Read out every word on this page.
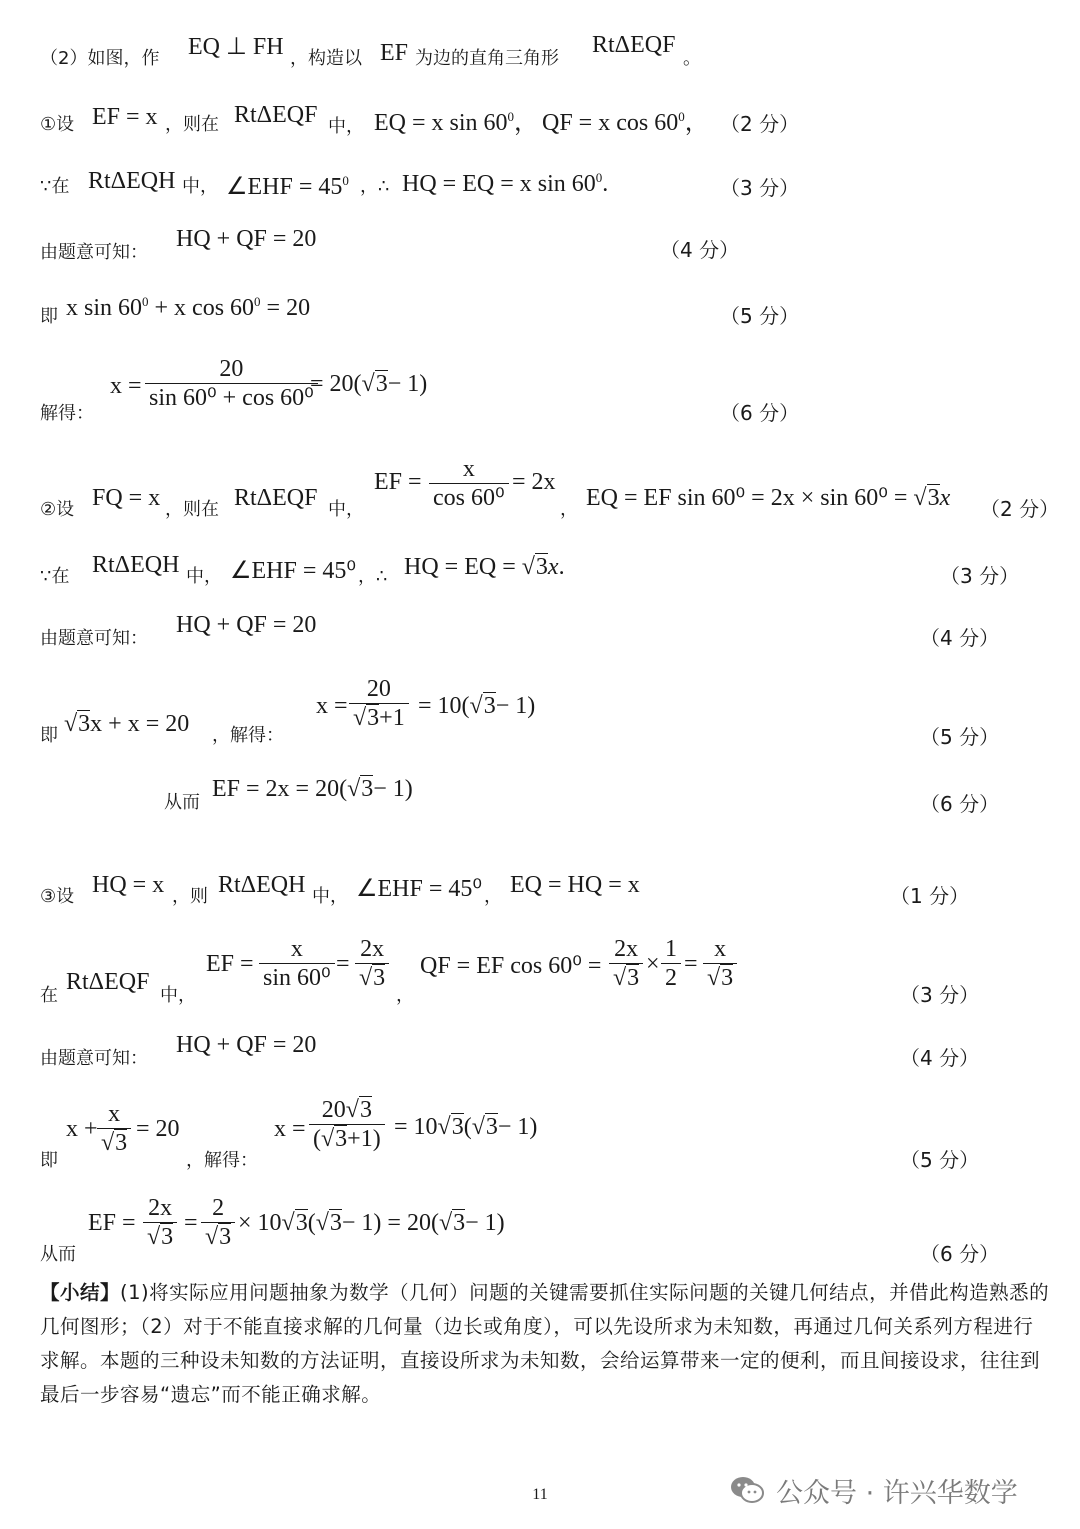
（2）如图，作 EQ ⊥ FH ，构造以 EF 为边的直角三角形
RtΔEQF
。
①设 EF = x ，则在 RtΔEQF 中， EQ = x $\sin 60^0$， QF = x $\cos 60^0$， （2 分）
∵在 RtΔEQH 中， ∠EHF = $45^0$ ，∴ HQ = EQ = x $\sin 60^0$.	（3 分）
由题意可知：
HQ + QF = 20	（4 分）
即 x $\sin 60^0 + x$ $\cos 60^0 = 20$	（5 分）
解得：
$x = \frac{20}{\text{sin 60⁰ + cos 60⁰}}$
= 20(√3− 1)
（6 分）
②设 FQ = x ，则在 RtΔEQF 中，
EF = $\frac{x}{\text{cos 60⁰}} = 2x$
， EQ = EF sin 60⁰ = 2x × sin 60⁰ = √3x （2 分）
∵在 RtΔEQH 中， ∠EHF = 45⁰ ，∴ HQ = EQ = √3x.	（3 分）
由题意可知：
HQ + QF = 20	（4 分）
即 √3x + x = 20 ，解得：
$x = \frac{20}{√3+1} = 10(√3- 1)$
（5 分）
从而
EF = 2x = 20(√3− 1)
（6 分）
③设 HQ = x ，则 RtΔEQH 中， ∠EHF = 45⁰ ， EQ = HQ = x	（1 分）
在
RtΔEQF
中，
EF = $\frac{x}{\text{sin 60⁰}} = \frac{2x}{√3}$
，
QF = EF $\cos 60^0 = \frac{2x}{√3} \times \frac{1}{2} = \frac{x}{√3}$
（3 分）
由题意可知：
HQ + QF = 20	（4 分）
即
$x + \frac{x}{√3} = 20$
，解得：
$x = \frac{20√3}{(√3+1)} = 10√3(√3- 1)$
（5 分）
从而
EF = $\frac{2x}{√3} = \frac{2}{√3} \times 10√3(√3- 1) = 20(√3- 1)$
（6 分）
【小结】(1)将实际应用问题抽象为数学（几何）问题的关键需要抓住实际问题的关键几何结点，并借此构造熟悉的几何图形；（2）对于不能直接求解的几何量（边长或角度），可以先设所求为未知数，再通过几何关系列方程进行求解。本题的三种设未知数的方法证明，直接设所求为未知数，会给运算带来一定的便利，而且间接设求，往往到最后一步容易“遗忘”而不能正确求解。
11	公众号 · 许兴华数学
